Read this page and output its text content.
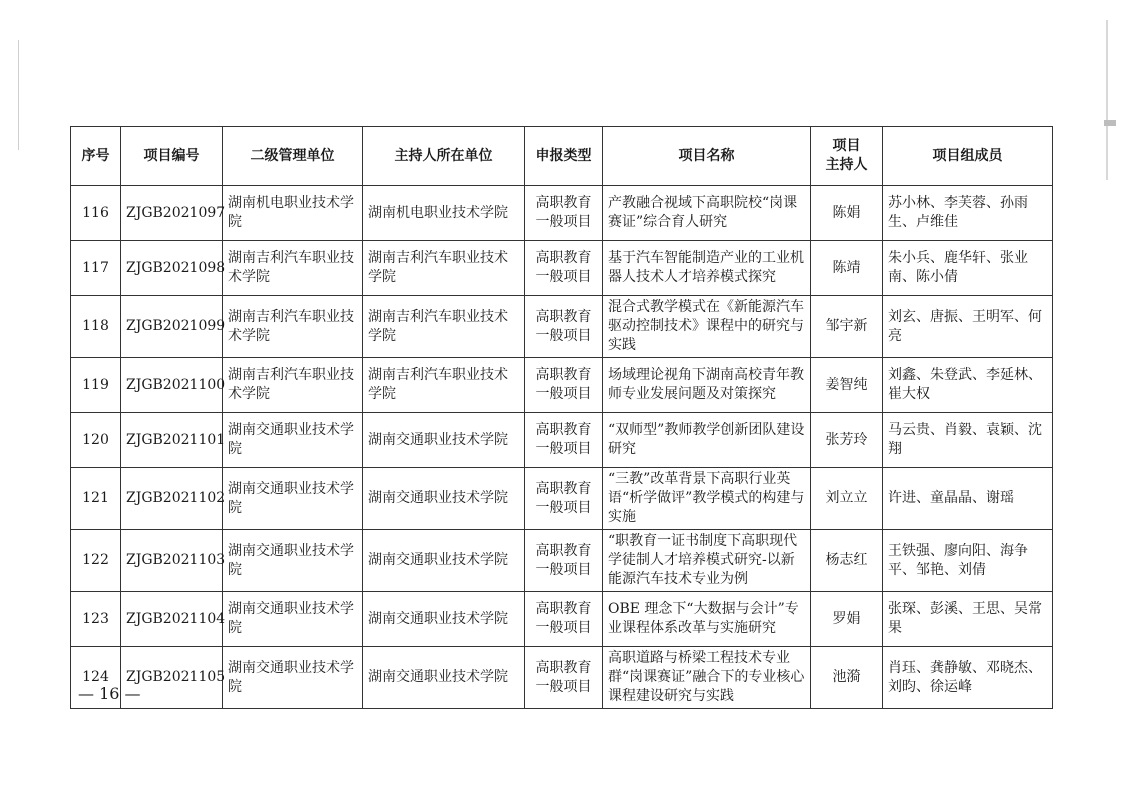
序号	项目编号	二级管理单位	主持人所在单位	申报类型	项目名称	项目
主持人	项目组成员
116	ZJGB2021097	湖南机电职业技术学院	湖南机电职业技术学院	高职教育一般项目	产教融合视域下高职院校“岗课赛证”综合育人研究	陈娟	苏小林、李芙蓉、孙雨生、卢维佳
117	ZJGB2021098	湖南吉利汽车职业技术学院	湖南吉利汽车职业技术学院	高职教育一般项目	基于汽车智能制造产业的工业机器人技术人才培养模式探究	陈靖	朱小兵、鹿华轩、张业南、陈小倩
118	ZJGB2021099	湖南吉利汽车职业技术学院	湖南吉利汽车职业技术学院	高职教育一般项目	混合式教学模式在《新能源汽车驱动控制技术》课程中的研究与实践	邹宇新	刘玄、唐振、王明军、何亮
119	ZJGB2021100	湖南吉利汽车职业技术学院	湖南吉利汽车职业技术学院	高职教育一般项目	场域理论视角下湖南高校青年教师专业发展问题及对策探究	姜智纯	刘鑫、朱登武、李延林、崔大权
120	ZJGB2021101	湖南交通职业技术学院	湖南交通职业技术学院	高职教育一般项目	“双师型”教师教学创新团队建设研究	张芳玲	马云贵、肖毅、袁颖、沈翔
121	ZJGB2021102	湖南交通职业技术学院	湖南交通职业技术学院	高职教育一般项目	“三教”改革背景下高职行业英语“析学做评”教学模式的构建与实施	刘立立	许进、童晶晶、谢瑶
122	ZJGB2021103	湖南交通职业技术学院	湖南交通职业技术学院	高职教育一般项目	“职教育一证书制度下高职现代学徒制人才培养模式研究-以新能源汽车技术专业为例	杨志红	王铁强、廖向阳、海争平、邹艳、刘倩
123	ZJGB2021104	湖南交通职业技术学院	湖南交通职业技术学院	高职教育一般项目	OBE 理念下“大数据与会计”专业课程体系改革与实施研究	罗娟	张琛、彭溪、王思、吴常果
124	ZJGB2021105	湖南交通职业技术学院	湖南交通职业技术学院	高职教育一般项目	高职道路与桥梁工程技术专业群“岗课赛证”融合下的专业核心课程建设研究与实践	池漪	肖珏、龚静敏、邓晓杰、刘昀、徐运峰
— 16 —
